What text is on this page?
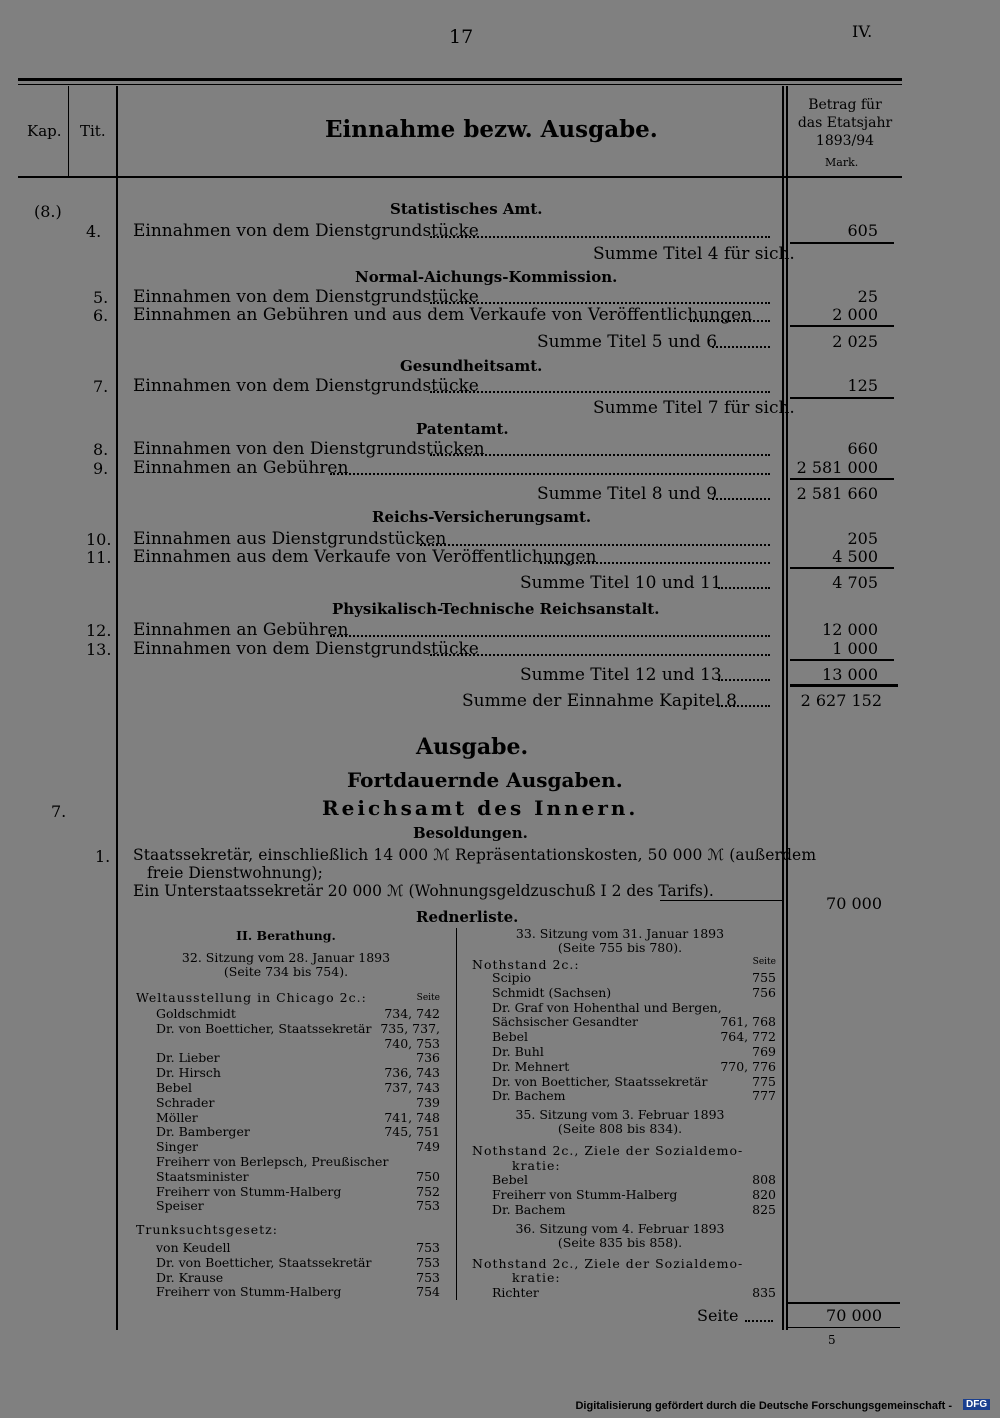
17	IV.
Kap. Tit.	Einnahme bezw. Ausgabe.
Betrag für
das Etatsjahr
1893/94
Mark.
(8.)	Statistisches Amt.
4. Einnahmen von dem Dienstgrundstücke	605
Summe Titel 4 für sich.
Normal-Aichungs-Kommission.
5. Einnahmen von dem Dienstgrundstücke	25
6. Einnahmen an Gebühren und aus dem Verkaufe von Veröffentlichungen	2 000
Summe Titel 5 und 6	2 025
Gesundheitsamt.
7. Einnahmen von dem Dienstgrundstücke	125
Summe Titel 7 für sich.
Patentamt.
8. Einnahmen von den Dienstgrundstücken	660
9. Einnahmen an Gebühren	2 581 000
Summe Titel 8 und 9	2 581 660
Reichs-Versicherungsamt.
10. Einnahmen aus Dienstgrundstücken	205
11. Einnahmen aus dem Verkaufe von Veröffentlichungen	4 500
Summe Titel 10 und 11	4 705
Physikalisch-Technische Reichsanstalt.
12. Einnahmen an Gebühren	12 000
13. Einnahmen von dem Dienstgrundstücke	1 000
Summe Titel 12 und 13	13 000
Summe der Einnahme Kapitel 8	2 627 152
Ausgabe.
Fortdauernde Ausgaben.
7.	Reichsamt des Innern.
Besoldungen.
1. Staatssekretär, einschließlich 14 000 ℳ Repräsentationskosten, 50 000 ℳ (außerdem
freie Dienstwohnung);
Ein Unterstaatssekretär 20 000 ℳ (Wohnungsgeldzuschuß I 2 des Tarifs).
70 000
Rednerliste.
II. Berathung.
32. Sitzung vom 28. Januar 1893
(Seite 734 bis 754).
Weltausstellung in Chicago 2c.:	Seite
Goldschmidt	734, 742
Dr. von Boetticher, Staatssekretär 735, 737,
740, 753
Dr. Lieber	736
Dr. Hirsch	736, 743
Bebel	737, 743
Schrader	739
Möller	741, 748
Dr. Bamberger	745, 751
Singer	749
Freiherr von Berlepsch, Preußischer
Staatsminister	750
Freiherr von Stumm-Halberg	752
Speiser	753
Trunksuchtsgesetz:
von Keudell	753
Dr. von Boetticher, Staatssekretär	753
Dr. Krause	753
Freiherr von Stumm-Halberg	754
33. Sitzung vom 31. Januar 1893
(Seite 755 bis 780).
Nothstand 2c.:	Seite
Scipio	755
Schmidt (Sachsen)	756
Dr. Graf von Hohenthal und Bergen,
Sächsischer Gesandter	761, 768
Bebel	764, 772
Dr. Buhl	769
Dr. Mehnert	770, 776
Dr. von Boetticher, Staatssekretär	775
Dr. Bachem	777
35. Sitzung vom 3. Februar 1893
(Seite 808 bis 834).
Nothstand 2c., Ziele der Sozialdemo-
kratie:
Bebel	808
Freiherr von Stumm-Halberg	820
Dr. Bachem	825
36. Sitzung vom 4. Februar 1893
(Seite 835 bis 858).
Nothstand 2c., Ziele der Sozialdemo-
kratie:
Richter	835
Seite	70 000
5
Digitalisierung gefördert durch die Deutsche Forschungsgemeinschaft -	DFG
